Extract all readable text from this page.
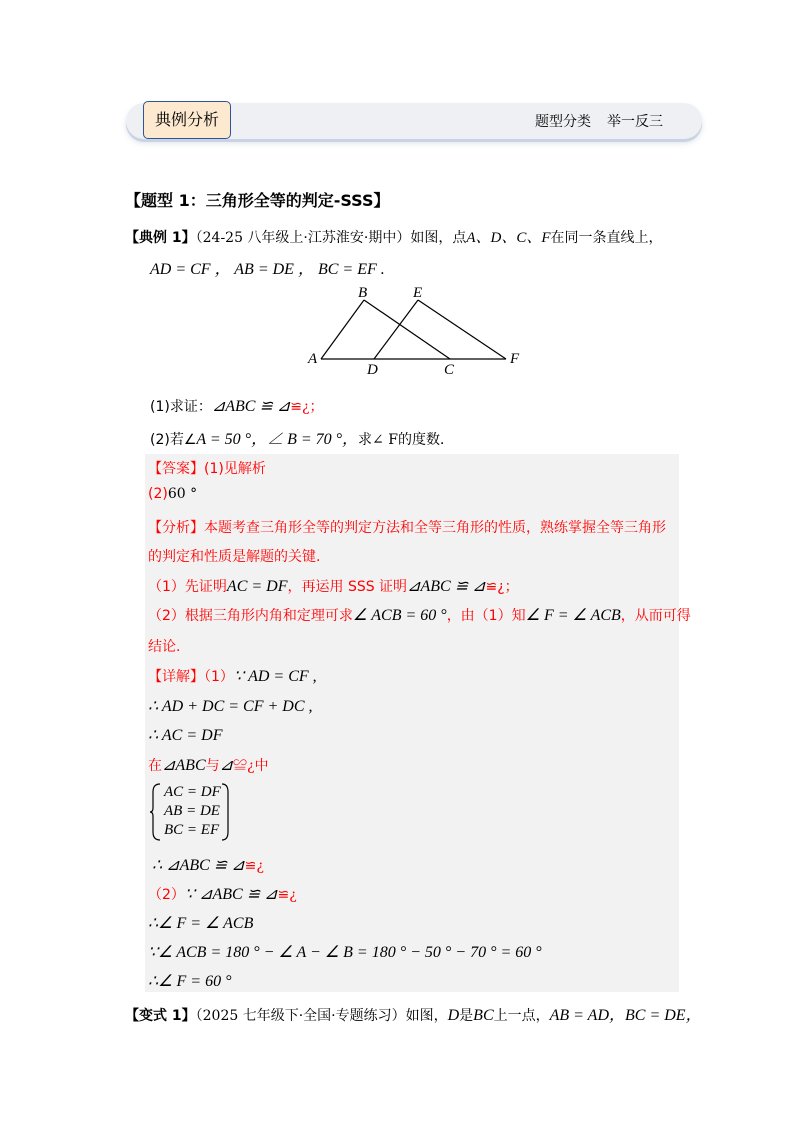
典例分析	题型分类 举一反三
【题型 1：三角形全等的判定-SSS】
【典例 1】（24-25 八年级上·江苏淮安·期中）如图，点A、D、C、F在同一条直线上，
AD = CF ， AB = DE ， BC = EF .
B	E
A
D	C
F
(1)求证：⊿ABC ≌ ⊿≌¿；
(2)若∠A = 50 °，∠ B = 70 °，求∠ F的度数．
【答案】(1)见解析
(2)60 °
【分析】本题考查三角形全等的判定方法和全等三角形的性质，熟练掌握全等三角形
的判定和性质是解题的关键.
（1）先证明AC = DF，再运用 SSS 证明⊿ABC ≌ ⊿≌¿；
（2）根据三角形内角和定理可求∠ ACB = 60 °，由（1）知∠ F = ∠ ACB，从而可得
结论.
【详解】（1）∵ AD = CF ,
∴ AD + DC = CF + DC ,
∴ AC = DF
在⊿ABC与⊿≌¿中
AC = DF
AB = DE
BC = EF
∴ ⊿ABC ≌ ⊿≌¿
（2）∵ ⊿ABC ≌ ⊿≌¿
∴∠ F = ∠ ACB
∵∠ ACB = 180 ° − ∠ A − ∠ B = 180 ° − 50 ° − 70 ° = 60 °
∴∠ F = 60 °
【变式 1】（2025 七年级下·全国·专题练习）如图，D是BC上一点，AB = AD，BC = DE，
